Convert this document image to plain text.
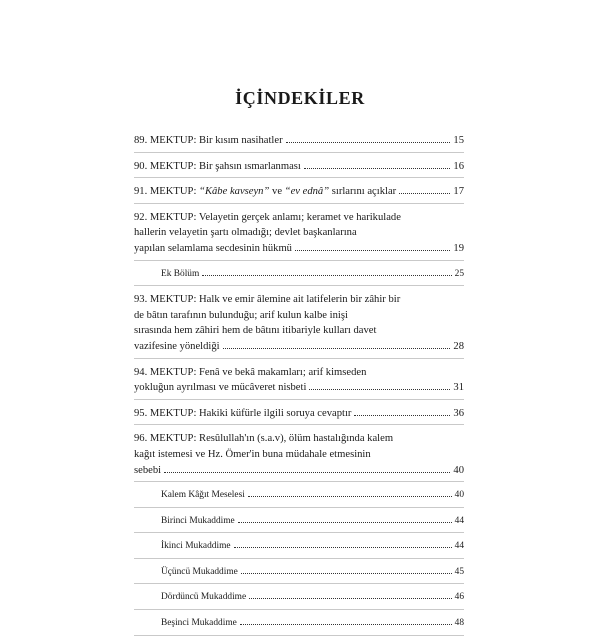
İÇİNDEKİLER
89. MEKTUP: Bir kısım nasihatler	15
90. MEKTUP: Bir şahsın ısmarlanması	16
91. MEKTUP: “Kâbe kavseyn” ve “ev ednâ” sırlarını açıklar	17
92. MEKTUP: Velayetin gerçek anlamı; keramet ve harikulade
hallerin velayetin şartı olmadığı; devlet başkanlarına
yapılan selamlama secdesinin hükmü	19
Ek Bölüm	25
93. MEKTUP: Halk ve emir âlemine ait latifelerin bir zâhir bir
de bâtın tarafının bulunduğu; arif kulun kalbe inişi
sırasında hem zâhiri hem de bâtını itibariyle kulları davet
vazifesine yöneldiği	28
94. MEKTUP: Fenâ ve bekâ makamları; arif kimseden
yokluğun ayrılması ve mücâveret nisbeti	31
95. MEKTUP: Hakiki küfürle ilgili soruya cevaptır	36
96. MEKTUP: Resûlullah'ın (s.a.v), ölüm hastalığında kalem
kağıt istemesi ve Hz. Ömer'in buna müdahale etmesinin
sebebi	40
Kalem Kâğıt Meselesi	40
Birinci Mukaddime	44
İkinci Mukaddime	44
Üçüncü Mukaddime	45
Dördüncü Mukaddime	46
Beşinci Mukaddime	48
